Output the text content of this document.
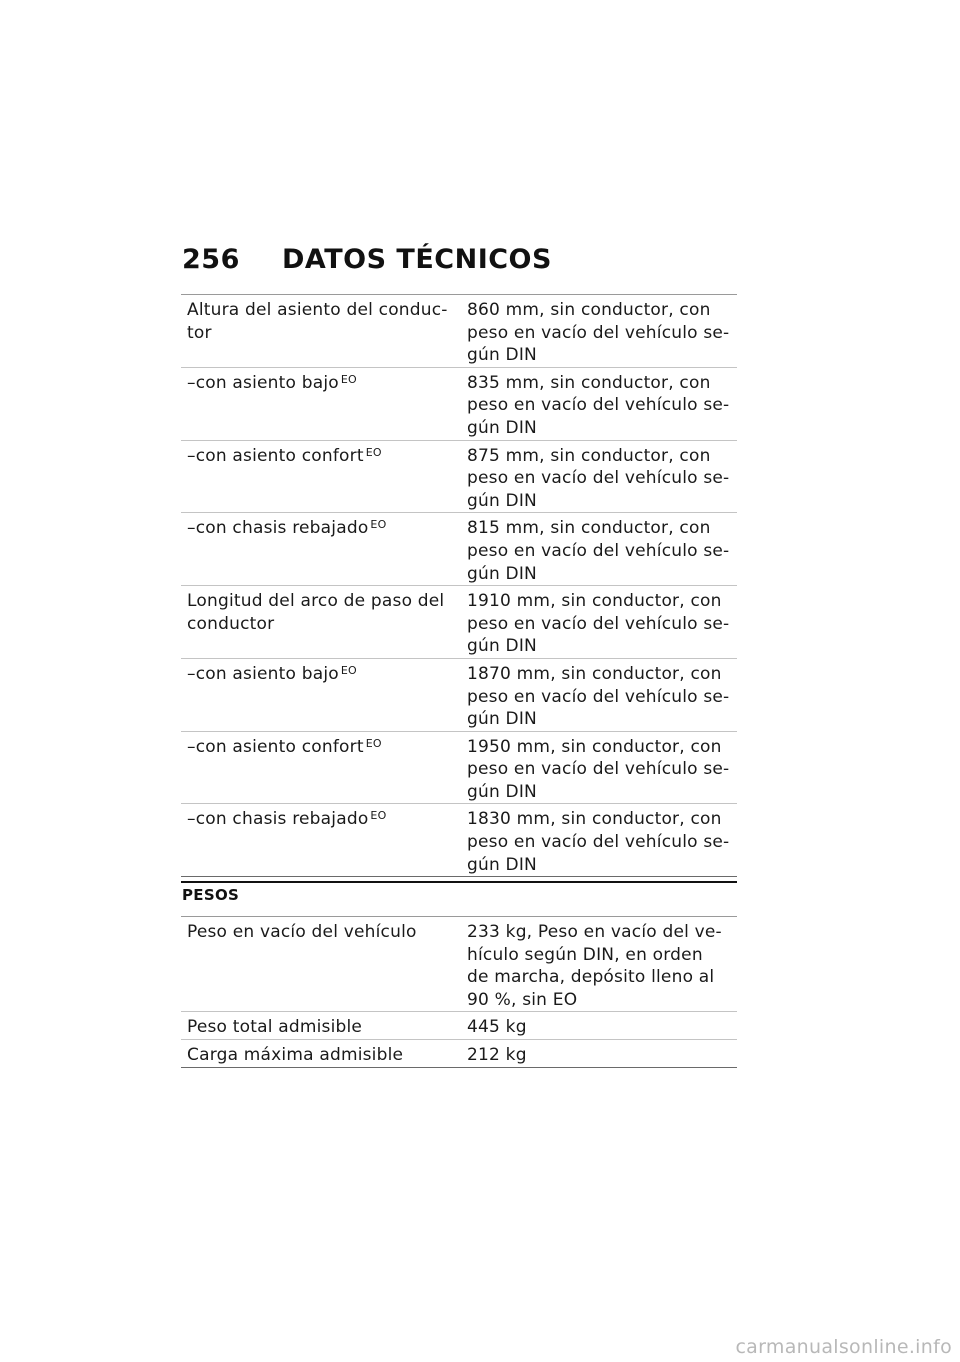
256	DATOS TÉCNICOS
Altura del asiento del conduc-
tor	860 mm, sin conductor, con
peso en vacío del vehículo se-
gún DIN
–con asiento bajo $^{EO}$	835 mm, sin conductor, con
peso en vacío del vehículo se-
gún DIN
–con asiento confort $^{EO}$	875 mm, sin conductor, con
peso en vacío del vehículo se-
gún DIN
–con chasis rebajado $^{EO}$	815 mm, sin conductor, con
peso en vacío del vehículo se-
gún DIN
Longitud del arco de paso del
conductor	1910 mm, sin conductor, con
peso en vacío del vehículo se-
gún DIN
–con asiento bajo $^{EO}$	1870 mm, sin conductor, con
peso en vacío del vehículo se-
gún DIN
–con asiento confort $^{EO}$	1950 mm, sin conductor, con
peso en vacío del vehículo se-
gún DIN
–con chasis rebajado $^{EO}$	1830 mm, sin conductor, con
peso en vacío del vehículo se-
gún DIN
PESOS
Peso en vacío del vehículo	233 kg, Peso en vacío del ve-
hículo según DIN, en orden
de marcha, depósito lleno al
90 %, sin EO
Peso total admisible	445 kg
Carga máxima admisible	212 kg
carmanualsonline.info
